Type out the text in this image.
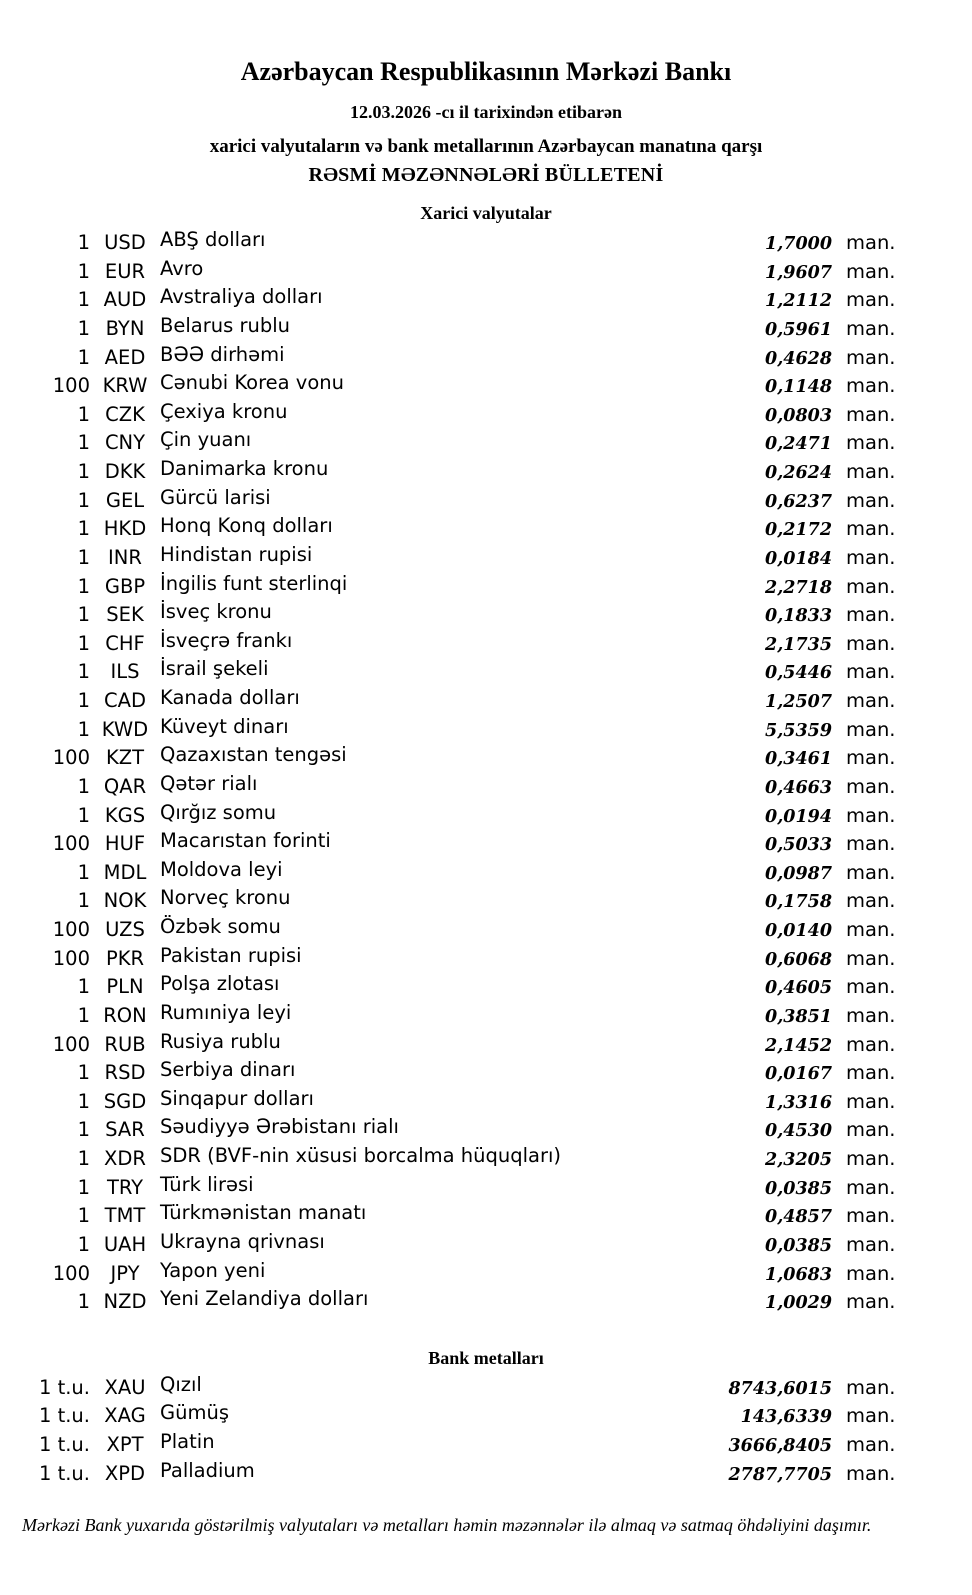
Azərbaycan Respublikasının Mərkəzi Bankı
12.03.2026 -cı il tarixindən etibarən
xarici valyutaların və bank metallarının Azərbaycan manatına qarşı
RƏSMİ MƏZƏNNƏLƏRİ BÜLLETENİ
Xarici valyutalar
1 USD ABŞ dolları	1,7000 man.
1 EUR Avro	1,9607 man.
1 AUD Avstraliya dolları	1,2112 man.
1 BYN Belarus rublu	0,5961 man.
1 AED BƏƏ dirhəmi	0,4628 man.
100 KRW Cənubi Korea vonu	0,1148 man.
1 CZK Çexiya kronu	0,0803 man.
1 CNY Çin yuanı	0,2471 man.
1 DKK Danimarka kronu	0,2624 man.
1 GEL Gürcü larisi	0,6237 man.
1 HKD Honq Konq dolları	0,2172 man.
1 INR Hindistan rupisi	0,0184 man.
1 GBP İngilis funt sterlinqi	2,2718 man.
1 SEK İsveç kronu	0,1833 man.
1 CHF İsveçrə frankı	2,1735 man.
1	ILS	İsrail şekeli	0,5446 man.
1 CAD Kanada dolları	1,2507 man.
1 KWD Küveyt dinarı	5,5359 man.
100 KZT Qazaxıstan tengəsi	0,3461 man.
1 QAR Qətər rialı	0,4663 man.
1 KGS Qırğız somu	0,0194 man.
100 HUF Macarıstan forinti	0,5033 man.
1 MDL Moldova leyi	0,0987 man.
1 NOK Norveç kronu	0,1758 man.
100 UZS Özbək somu	0,0140 man.
100 PKR Pakistan rupisi	0,6068 man.
1 PLN Polşa zlotası	0,4605 man.
1 RON Rumıniya leyi	0,3851 man.
100 RUB Rusiya rublu	2,1452 man.
1 RSD Serbiya dinarı	0,0167 man.
1 SGD Sinqapur dolları	1,3316 man.
1 SAR Səudiyyə Ərəbistanı rialı	0,4530 man.
1 XDR SDR (BVF-nin xüsusi borcalma hüquqları)	2,3205 man.
1 TRY Türk lirəsi	0,0385 man.
1 TMT Türkmənistan manatı	0,4857 man.
1 UAH Ukrayna qrivnası	0,0385 man.
100	JPY	Yapon yeni	1,0683 man.
1 NZD Yeni Zelandiya dolları	1,0029 man.
Bank metalları
1 t.u. XAU Qızıl	8743,6015 man.
1 t.u. XAG Gümüş	143,6339 man.
1 t.u. XPT Platin	3666,8405 man.
1 t.u. XPD Palladium	2787,7705 man.
Mərkəzi Bank yuxarıda göstərilmiş valyutaları və metalları həmin məzənnələr ilə almaq və satmaq öhdəliyini daşımır.
